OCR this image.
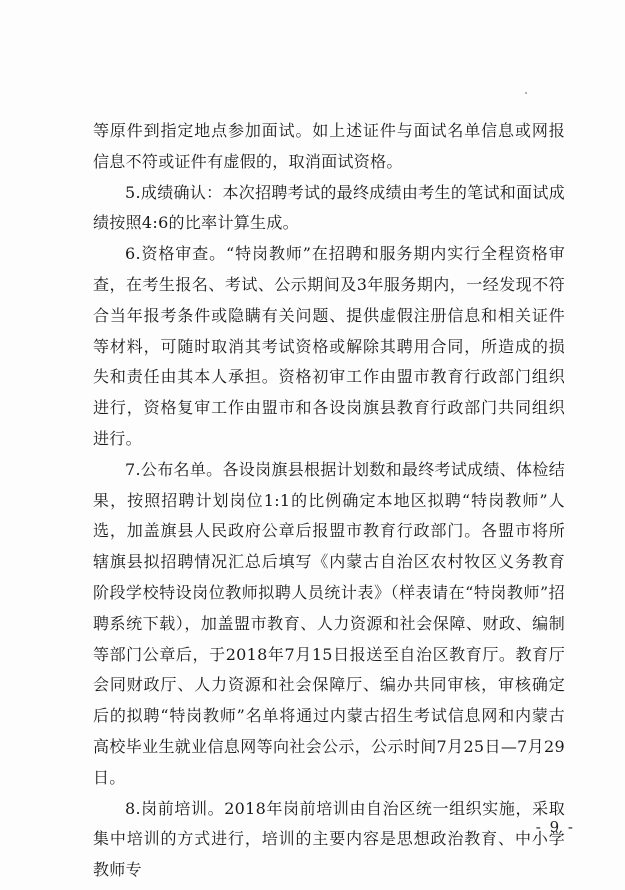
等原件到指定地点参加面试。如上述证件与面试名单信息或网报信息不符或证件有虚假的，取消面试资格。

5.成绩确认：本次招聘考试的最终成绩由考生的笔试和面试成绩按照4:6的比率计算生成。

6.资格审查。“特岗教师”在招聘和服务期内实行全程资格审查，在考生报名、考试、公示期间及3年服务期内，一经发现不符合当年报考条件或隐瞒有关问题、提供虚假注册信息和相关证件等材料，可随时取消其考试资格或解除其聘用合同，所造成的损失和责任由其本人承担。资格初审工作由盟市教育行政部门组织进行，资格复审工作由盟市和各设岗旗县教育行政部门共同组织进行。

7.公布名单。各设岗旗县根据计划数和最终考试成绩、体检结果，按照招聘计划岗位1:1的比例确定本地区拟聘“特岗教师”人选，加盖旗县人民政府公章后报盟市教育行政部门。各盟市将所辖旗县拟招聘情况汇总后填写《内蒙古自治区农村牧区义务教育阶段学校特设岗位教师拟聘人员统计表》（样表请在“特岗教师”招聘系统下载），加盖盟市教育、人力资源和社会保障、财政、编制等部门公章后，于2018年7月15日报送至自治区教育厅。教育厅会同财政厅、人力资源和社会保障厅、编办共同审核，审核确定后的拟聘“特岗教师”名单将通过内蒙古招生考试信息网和内蒙古高校毕业生就业信息网等向社会公示，公示时间7月25日—7月29日。

8.岗前培训。2018年岗前培训由自治区统一组织实施，采取集中培训的方式进行，培训的主要内容是思想政治教育、中小学教师专

- 9 -
